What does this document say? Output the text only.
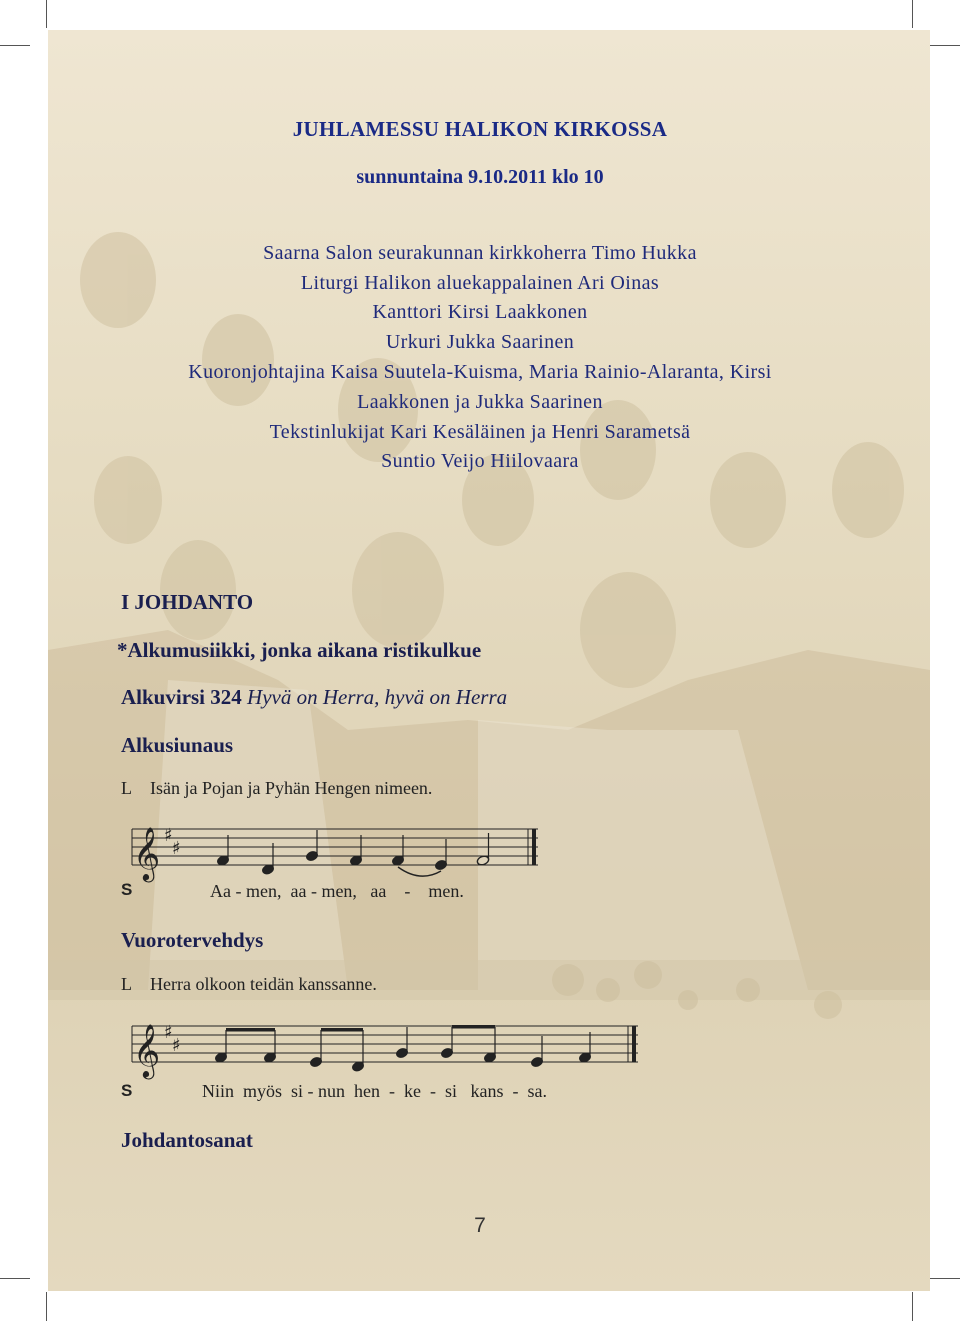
JUHLAMESSU HALIKON KIRKOSSA
sunnuntaina 9.10.2011 klo 10
Saarna Salon seurakunnan kirkkoherra Timo Hukka
Liturgi Halikon aluekappalainen Ari Oinas
Kanttori Kirsi Laakkonen
Urkuri Jukka Saarinen
Kuoronjohtajina Kaisa Suutela-Kuisma, Maria Rainio-Alaranta, Kirsi
Laakkonen ja Jukka Saarinen
Tekstinlukijat Kari Kesäläinen ja Henri Sarametsä
Suntio Veijo Hiilovaara
I JOHDANTO
*Alkumusiikki, jonka aikana ristikulkue
Alkuvirsi 324 Hyvä on Herra, hyvä on Herra
Alkusiunaus
L Isän ja Pojan ja Pyhän Hengen nimeen.
𝄞 ♯
♯
S	Aa - men,  aa - men,   aa    -    men.
Vuorotervehdys
L Herra olkoon teidän kanssanne.
𝄞 ♯
♯
S	Niin  myös  si - nun  hen  -  ke  -  si   kans  -  sa.
Johdantosanat
7
